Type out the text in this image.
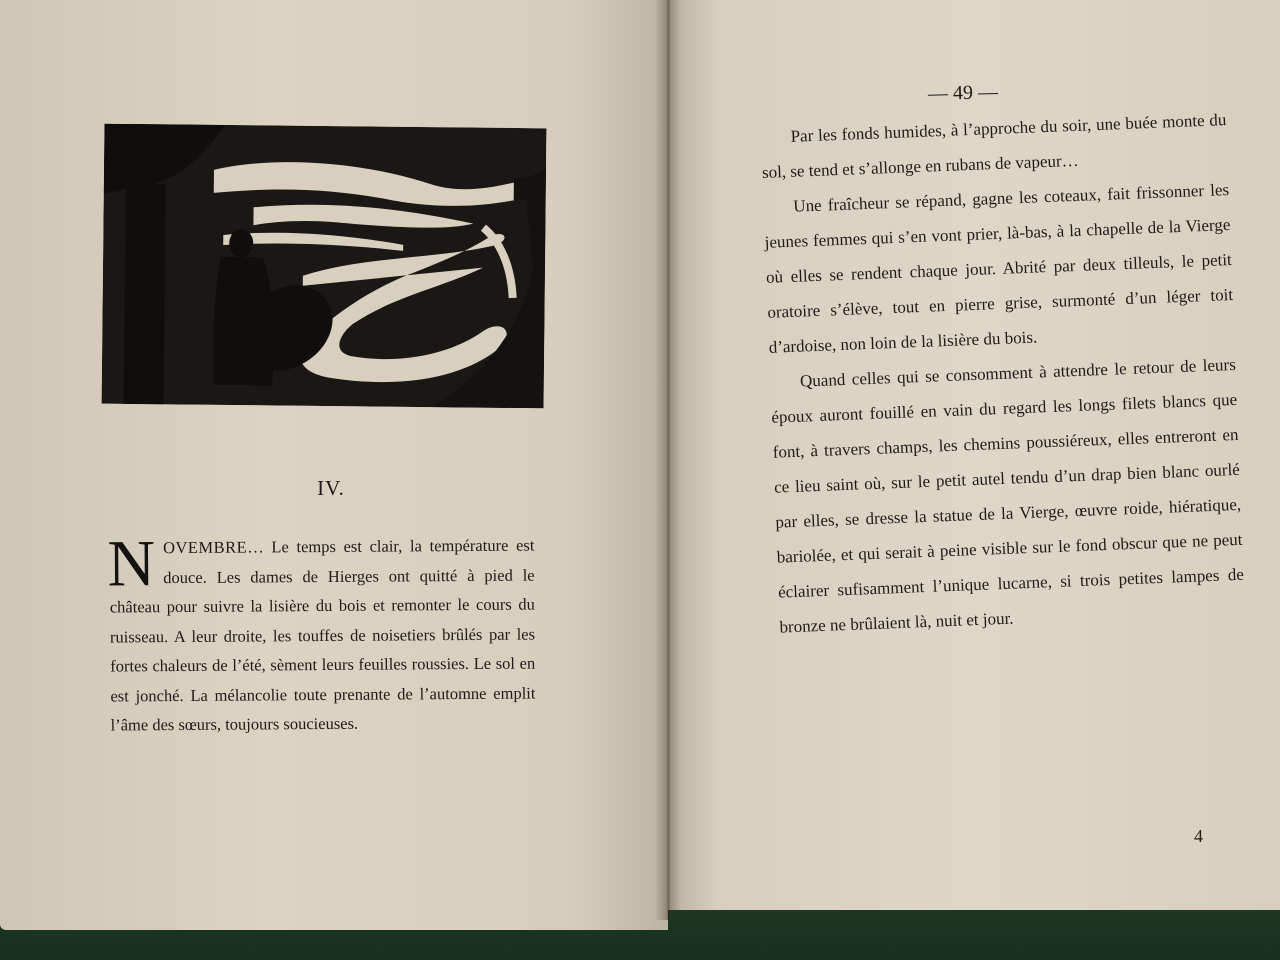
IV.
NOVEMBRE… Le temps est clair, la température est douce. Les dames de Hierges ont quitté à pied le château pour suivre la lisière du bois et remonter le cours du ruisseau. A leur droite, les touffes de noisetiers brûlés par les fortes chaleurs de l’été, sèment leurs feuilles roussies. Le sol en est jonché. La mélancolie toute prenante de l’automne emplit l’âme des sœurs, toujours soucieuses.
— 49 —

Par les fonds humides, à l’approche du soir, une buée monte du sol, se tend et s’allonge en rubans de vapeur…

Une fraîcheur se répand, gagne les coteaux, fait frissonner les jeunes femmes qui s’en vont prier, là-bas, à la chapelle de la Vierge où elles se rendent chaque jour. Abrité par deux tilleuls, le petit oratoire s’élève, tout en pierre grise, surmonté d’un léger toit d’ardoise, non loin de la lisière du bois.

Quand celles qui se consomment à attendre le retour de leurs époux auront fouillé en vain du regard les longs filets blancs que font, à travers champs, les chemins poussiéreux, elles entreront en ce lieu saint où, sur le petit autel tendu d’un drap bien blanc ourlé par elles, se dresse la statue de la Vierge, œuvre roide, hiératique, bariolée, et qui serait à peine visible sur le fond obscur que ne peut éclairer sufisamment l’unique lucarne, si trois petites lampes de bronze ne brûlaient là, nuit et jour.

4
